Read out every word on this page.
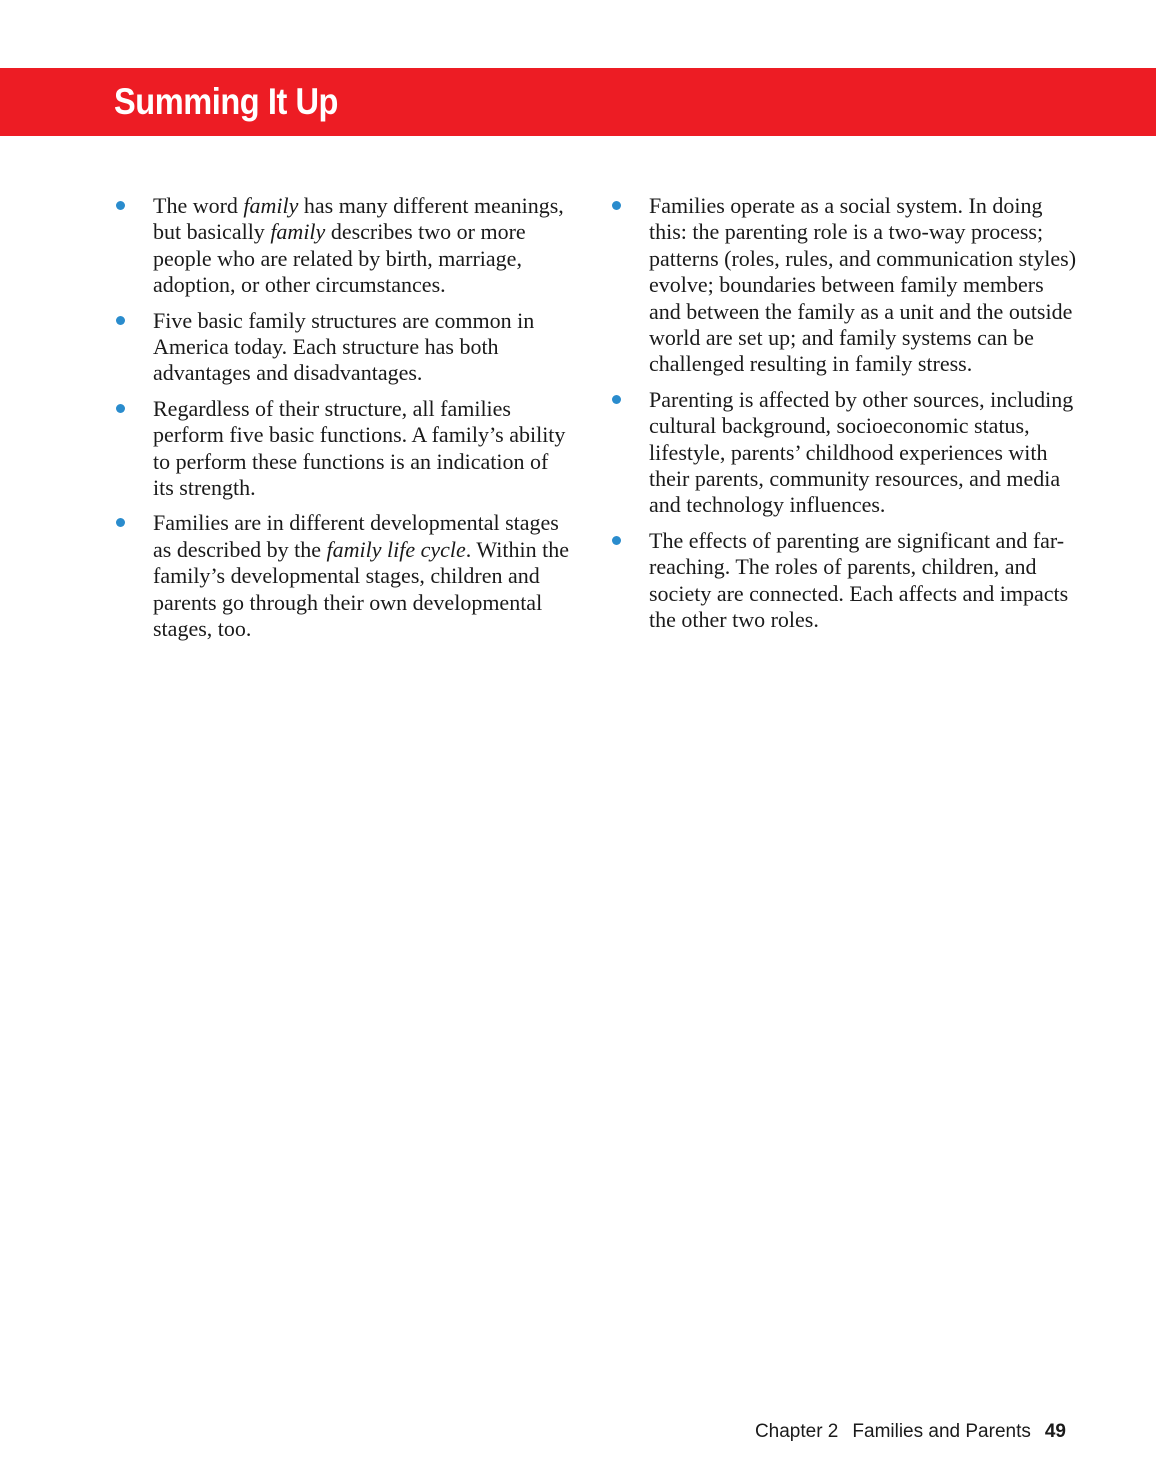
Summing It Up
The word family has many different meanings, but basically family describes two or more people who are related by birth, marriage, adoption, or other circumstances.
Five basic family structures are common in America today. Each structure has both advantages and disadvantages.
Regardless of their structure, all families perform five basic functions. A family’s ability to perform these functions is an indication of its strength.
Families are in different developmental stages as described by the family life cycle. Within the family’s developmental stages, children and parents go through their own developmental stages, too.
Families operate as a social system. In doing this: the parenting role is a two-way process; patterns (roles, rules, and communication styles) evolve; boundaries between family members and between the family as a unit and the outside world are set up; and family systems can be challenged resulting in family stress.
Parenting is affected by other sources, including cultural background, socioeconomic status, lifestyle, parents’ childhood experiences with their parents, community resources, and media and technology influences.
The effects of parenting are significant and far-reaching. The roles of parents, children, and society are connected. Each affects and impacts the other two roles.
Chapter 2 Families and Parents 49
